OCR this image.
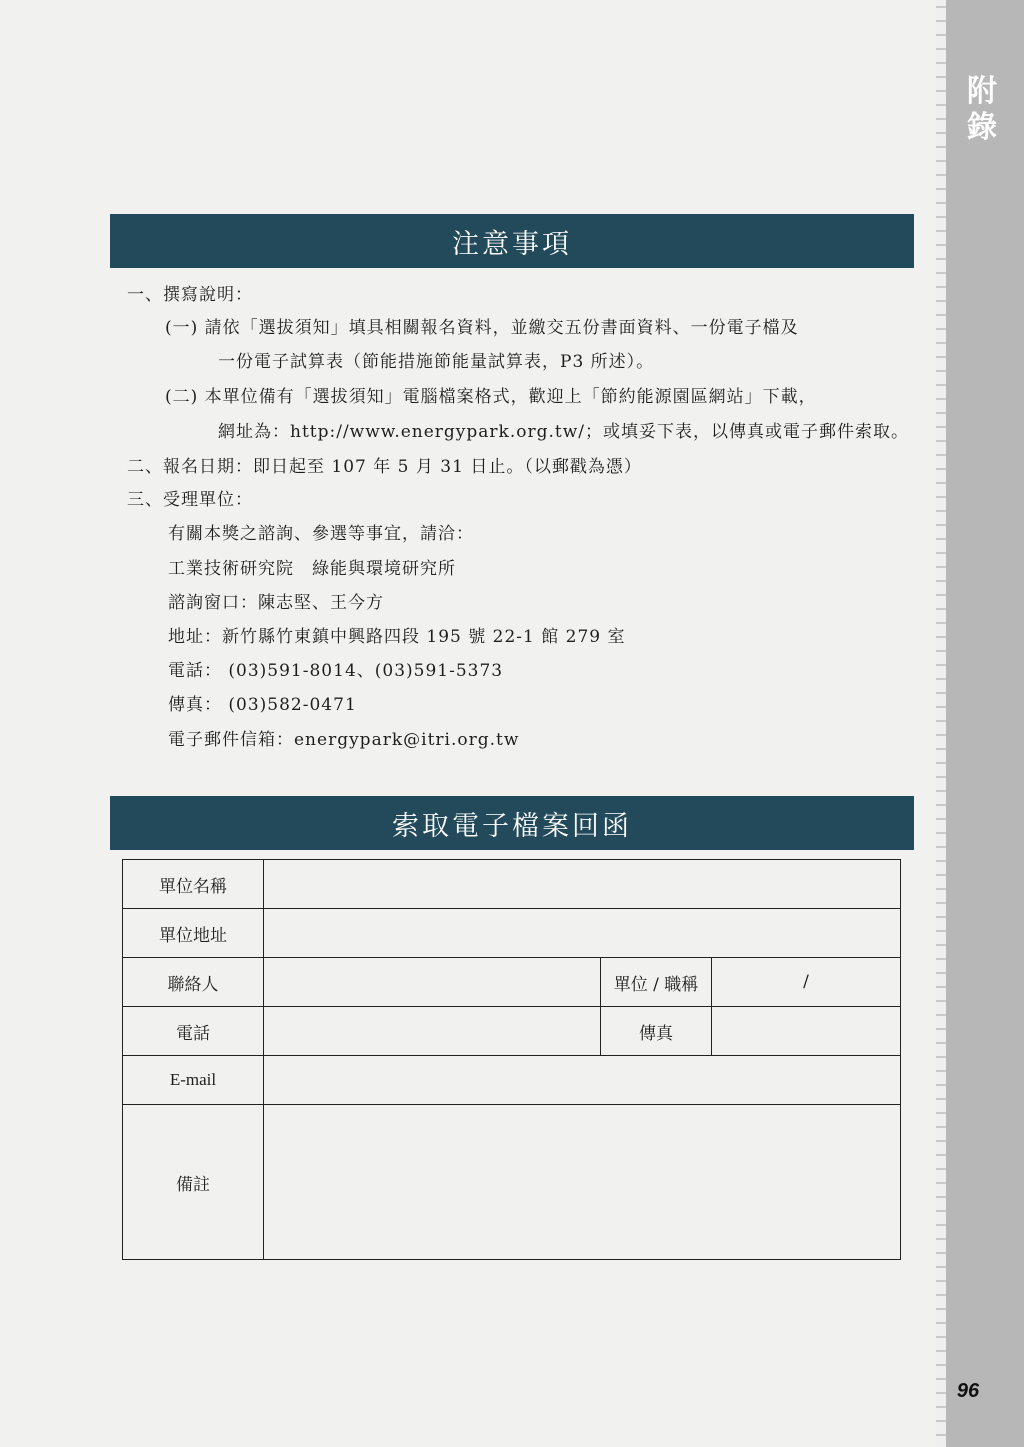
附錄
96
注意事項
一、撰寫說明：
(一) 請依「選拔須知」填具相關報名資料，並繳交五份書面資料、一份電子檔及
一份電子試算表（節能措施節能量試算表，P3 所述）。
(二) 本單位備有「選拔須知」電腦檔案格式，歡迎上「節約能源園區網站」下載，
網址為：http://www.energypark.org.tw/；或填妥下表，以傳真或電子郵件索取。
二、報名日期：即日起至 107 年 5 月 31 日止。（以郵戳為憑）
三、受理單位：
有關本獎之諮詢、參選等事宜，請洽：
工業技術研究院　綠能與環境研究所
諮詢窗口：陳志堅、王今方
地址：新竹縣竹東鎮中興路四段 195 號 22-1 館 279 室
電話： (03)591-8014、(03)591-5373
傳真： (03)582-0471
電子郵件信箱：energypark@itri.org.tw
索取電子檔案回函
單位名稱			
單位地址			
聯絡人		單位 / 職稱	/
電話		傳真	
E-mail			
備註			
